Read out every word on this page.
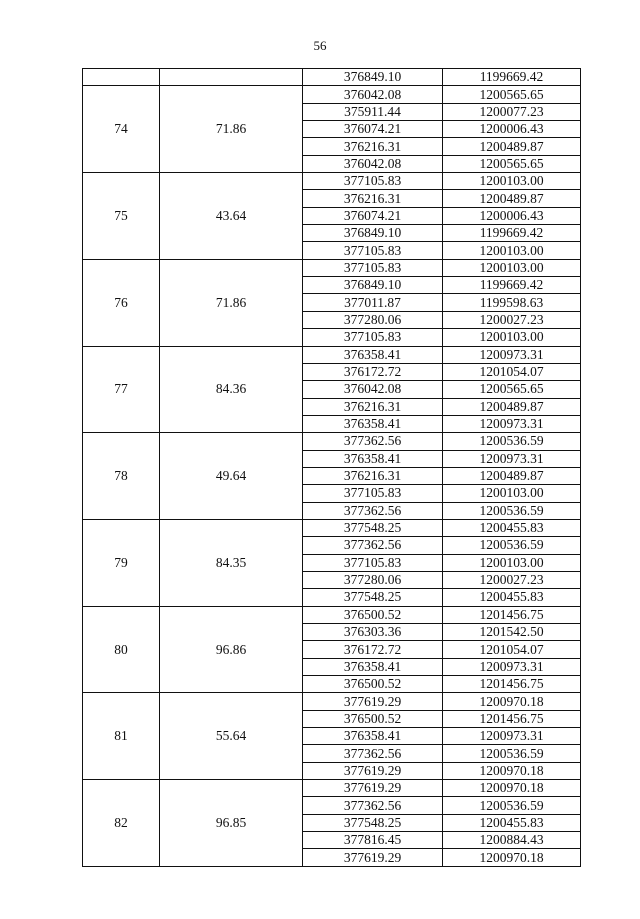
56
		376849.10	1199669.42
74	71.86	376042.08	1200565.65
		375911.44	1200077.23
		376074.21	1200006.43
		376216.31	1200489.87
		376042.08	1200565.65
75	43.64	377105.83	1200103.00
		376216.31	1200489.87
		376074.21	1200006.43
		376849.10	1199669.42
		377105.83	1200103.00
76	71.86	377105.83	1200103.00
		376849.10	1199669.42
		377011.87	1199598.63
		377280.06	1200027.23
		377105.83	1200103.00
77	84.36	376358.41	1200973.31
		376172.72	1201054.07
		376042.08	1200565.65
		376216.31	1200489.87
		376358.41	1200973.31
78	49.64	377362.56	1200536.59
		376358.41	1200973.31
		376216.31	1200489.87
		377105.83	1200103.00
		377362.56	1200536.59
79	84.35	377548.25	1200455.83
		377362.56	1200536.59
		377105.83	1200103.00
		377280.06	1200027.23
		377548.25	1200455.83
80	96.86	376500.52	1201456.75
		376303.36	1201542.50
		376172.72	1201054.07
		376358.41	1200973.31
		376500.52	1201456.75
81	55.64	377619.29	1200970.18
		376500.52	1201456.75
		376358.41	1200973.31
		377362.56	1200536.59
		377619.29	1200970.18
82	96.85	377619.29	1200970.18
		377362.56	1200536.59
		377548.25	1200455.83
		377816.45	1200884.43
		377619.29	1200970.18
